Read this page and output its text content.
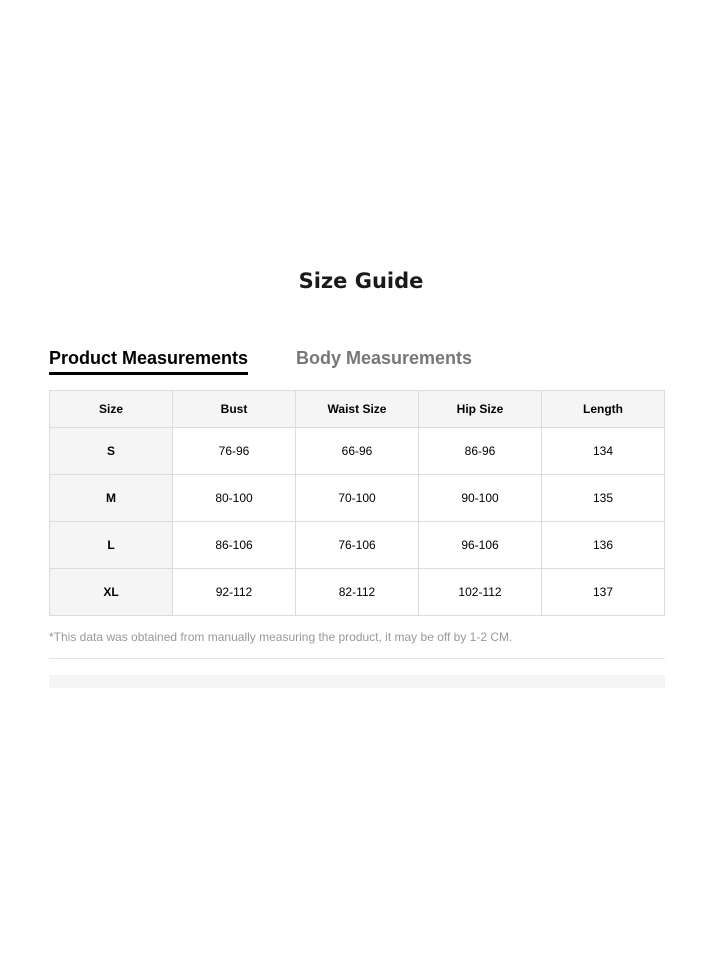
Size Guide
Product Measurements	Body Measurements
Size	Bust	Waist Size	Hip Size	Length
S	76-96	66-96	86-96	134
M	80-100	70-100	90-100	135
L	86-106	76-106	96-106	136
XL	92-112	82-112	102-112	137
*This data was obtained from manually measuring the product, it may be off by 1-2 CM.
